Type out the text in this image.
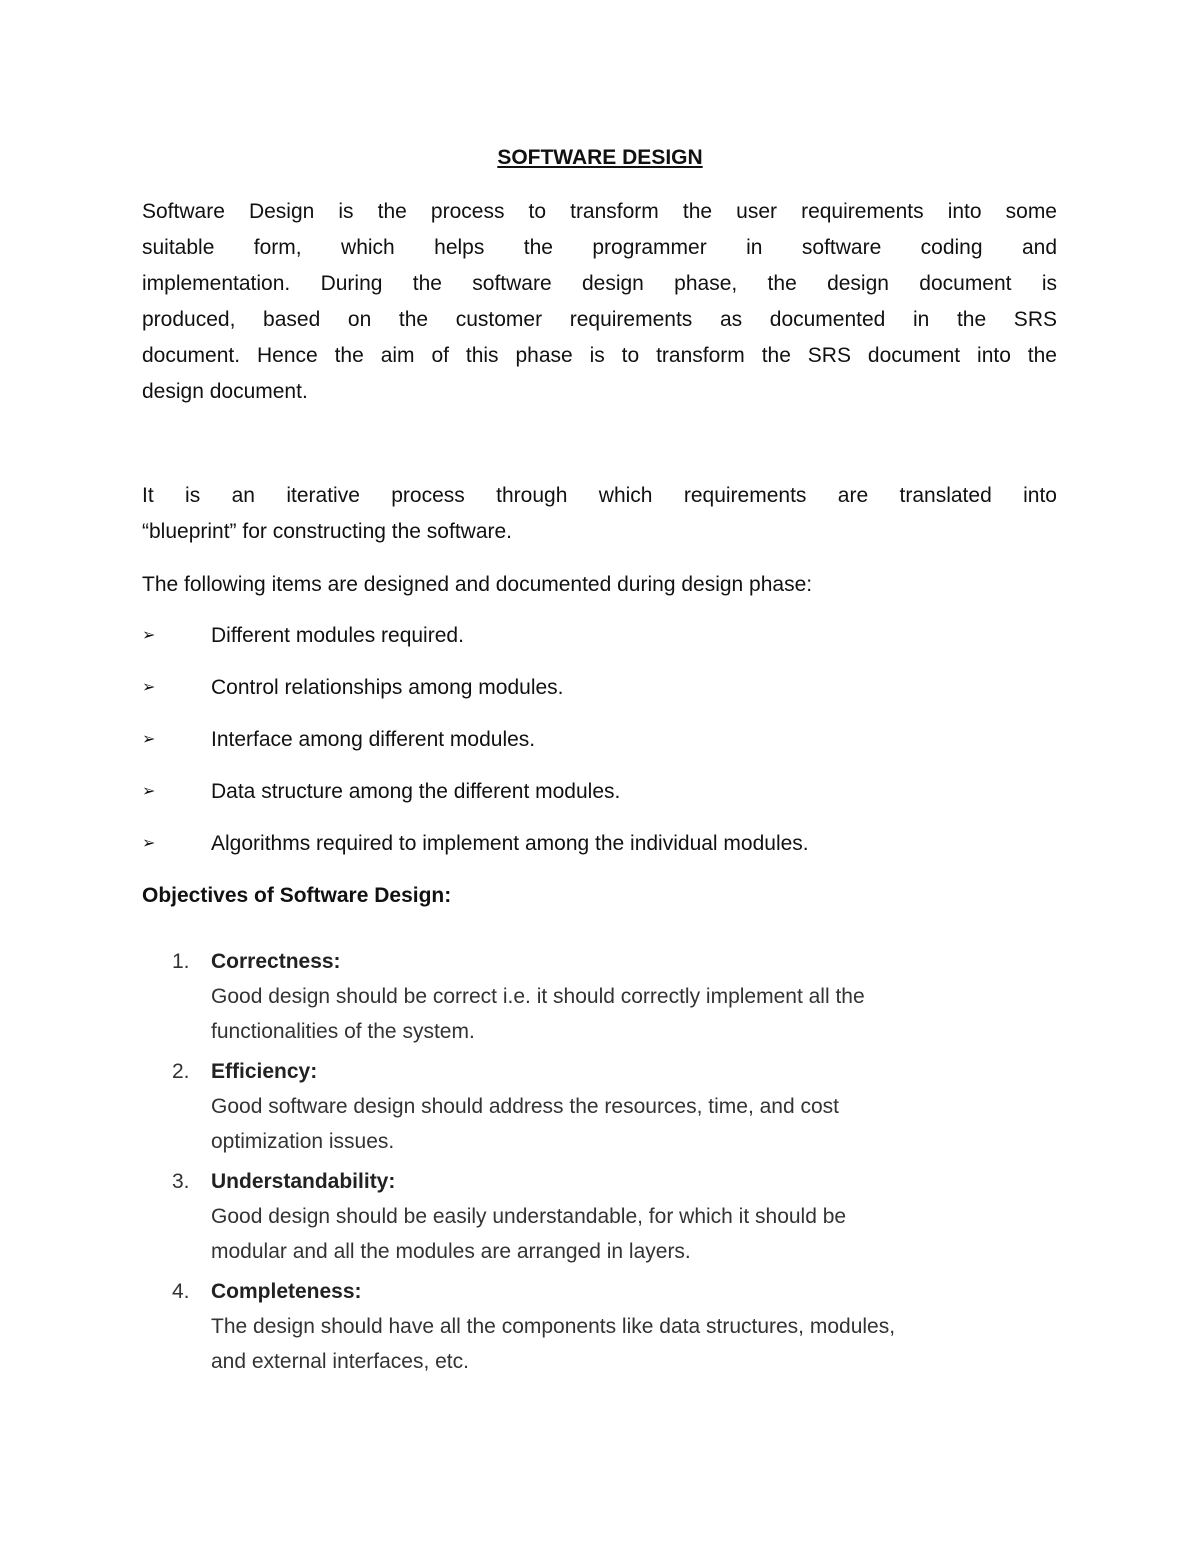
SOFTWARE DESIGN
Software Design is the process to transform the user requirements into some
suitable form, which helps the programmer in software coding and
implementation. During the software design phase, the design document is
produced, based on the customer requirements as documented in the SRS
document. Hence the aim of this phase is to transform the SRS document into the
design document.
It is an iterative process through which requirements are translated into
“blueprint” for constructing the software.
The following items are designed and documented during design phase:
➢	Different modules required.
➢	Control relationships among modules.
➢	Interface among different modules.
➢	Data structure among the different modules.
➢	Algorithms required to implement among the individual modules.
Objectives of Software Design:
1. Correctness:
Good design should be correct i.e. it should correctly implement all the
functionalities of the system.
2. Efficiency:
Good software design should address the resources, time, and cost
optimization issues.
3. Understandability:
Good design should be easily understandable, for which it should be
modular and all the modules are arranged in layers.
4. Completeness:
The design should have all the components like data structures, modules,
and external interfaces, etc.
